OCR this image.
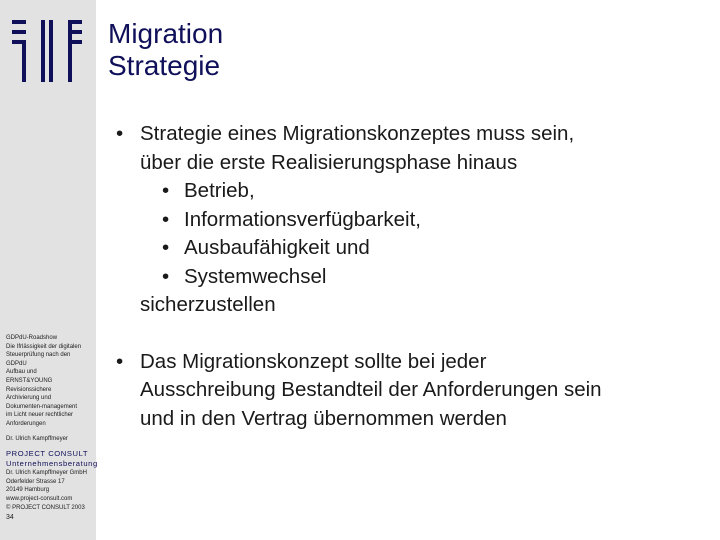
GDPdU-Roadshow
Die Ifrlässigkeit der digitalen
Steuerprüfung nach den
GDPdU
Aufbau und
ERNST&YOUNG
Revisionssichere
Archivierung und
Dokumenten-management
im Licht neuer rechtlicher
Anforderungen
Dr. Ulrich Kampffmeyer
PROJECT CONSULT
Unternehmensberatung
Dr. Ulrich Kampffmeyer GmbH
Oderfelder Strasse 17
20149 Hamburg
www.project-consult.com
© PROJECT CONSULT 2003
34
Migration
Strategie
• Strategie eines Migrationskonzeptes muss sein,
über die erste Realisierungsphase hinaus
• Betrieb,
• Informationsverfügbarkeit,
• Ausbaufähigkeit und
• Systemwechsel
sicherzustellen
• Das Migrationskonzept sollte bei jeder
Ausschreibung Bestandteil der Anforderungen sein
und in den Vertrag übernommen werden
